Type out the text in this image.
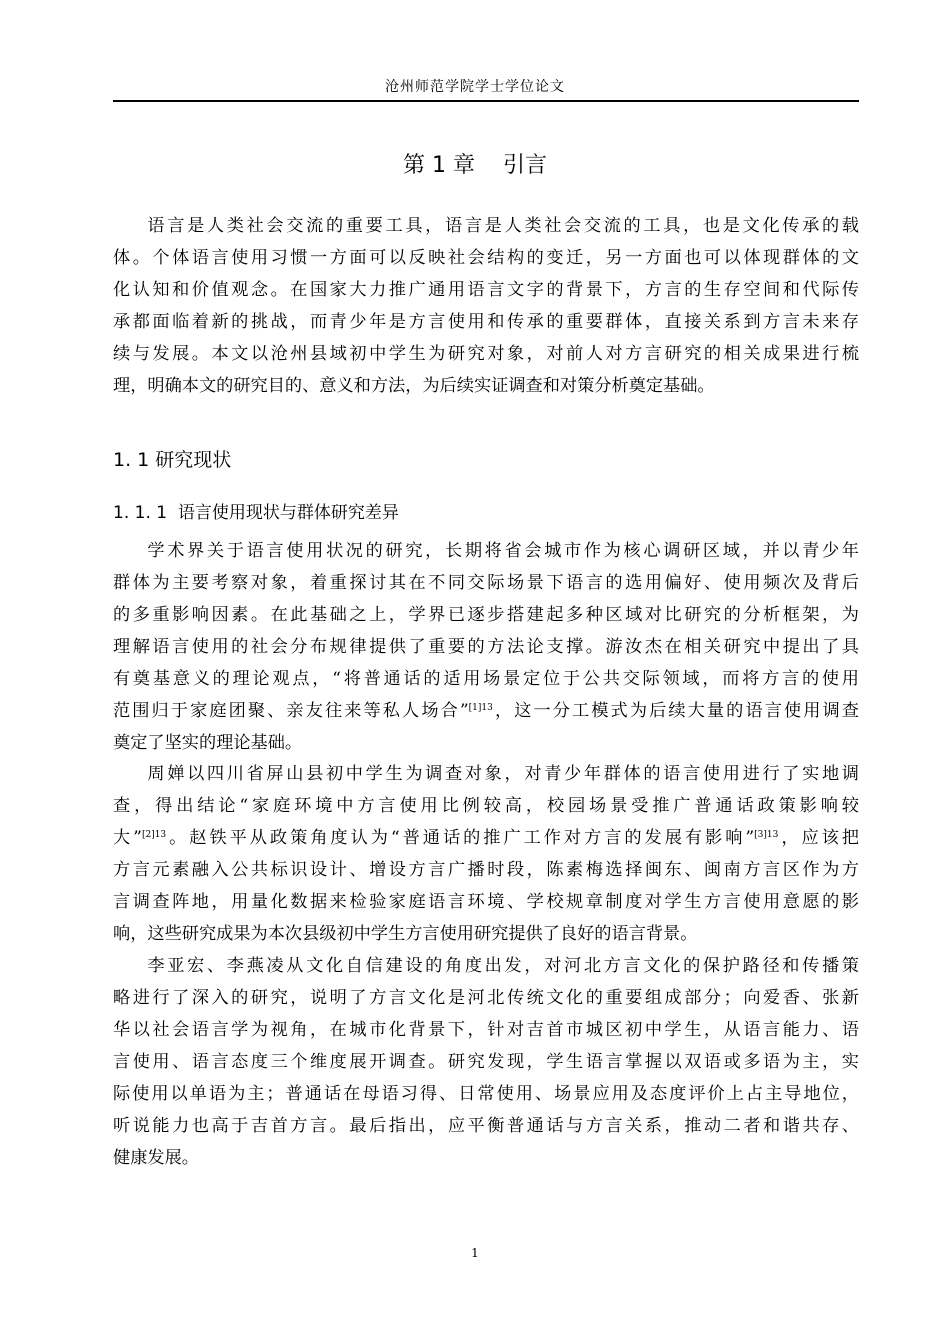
沧州师范学院学士学位论文
第 1 章    引言
语言是人类社会交流的重要工具，语言是人类社会交流的工具，也是文化传承的载
体。个体语言使用习惯一方面可以反映社会结构的变迁，另一方面也可以体现群体的文
化认知和价值观念。在国家大力推广通用语言文字的背景下，方言的生存空间和代际传
承都面临着新的挑战，而青少年是方言使用和传承的重要群体，直接关系到方言未来存
续与发展。本文以沧州县域初中学生为研究对象，对前人对方言研究的相关成果进行梳
理，明确本文的研究目的、意义和方法，为后续实证调查和对策分析奠定基础。
1. 1 研究现状
1. 1. 1  语言使用现状与群体研究差异
学术界关于语言使用状况的研究，长期将省会城市作为核心调研区域，并以青少年
群体为主要考察对象，着重探讨其在不同交际场景下语言的选用偏好、使用频次及背后
的多重影响因素。在此基础之上，学界已逐步搭建起多种区域对比研究的分析框架，为
理解语言使用的社会分布规律提供了重要的方法论支撑。游汝杰在相关研究中提出了具
有奠基意义的理论观点，“将普通话的适用场景定位于公共交际领域，而将方言的使用
范围归于家庭团聚、亲友往来等私人场合”$^{[1]13}$，这一分工模式为后续大量的语言使用调查
奠定了坚实的理论基础。
周婵以四川省屏山县初中学生为调查对象，对青少年群体的语言使用进行了实地调
查，得出结论“家庭环境中方言使用比例较高，校园场景受推广普通话政策影响较
大”$^{[2]13}$。赵铁平从政策角度认为“普通话的推广工作对方言的发展有影响”$^{[3]13}$，应该把
方言元素融入公共标识设计、增设方言广播时段，陈素梅选择闽东、闽南方言区作为方
言调查阵地，用量化数据来检验家庭语言环境、学校规章制度对学生方言使用意愿的影
响，这些研究成果为本次县级初中学生方言使用研究提供了良好的语言背景。
李亚宏、李燕凌从文化自信建设的角度出发，对河北方言文化的保护路径和传播策
略进行了深入的研究，说明了方言文化是河北传统文化的重要组成部分；向爱香、张新
华以社会语言学为视角，在城市化背景下，针对吉首市城区初中学生，从语言能力、语
言使用、语言态度三个维度展开调查。研究发现，学生语言掌握以双语或多语为主，实
际使用以单语为主；普通话在母语习得、日常使用、场景应用及态度评价上占主导地位，
听说能力也高于吉首方言。最后指出，应平衡普通话与方言关系，推动二者和谐共存、
健康发展。
1
